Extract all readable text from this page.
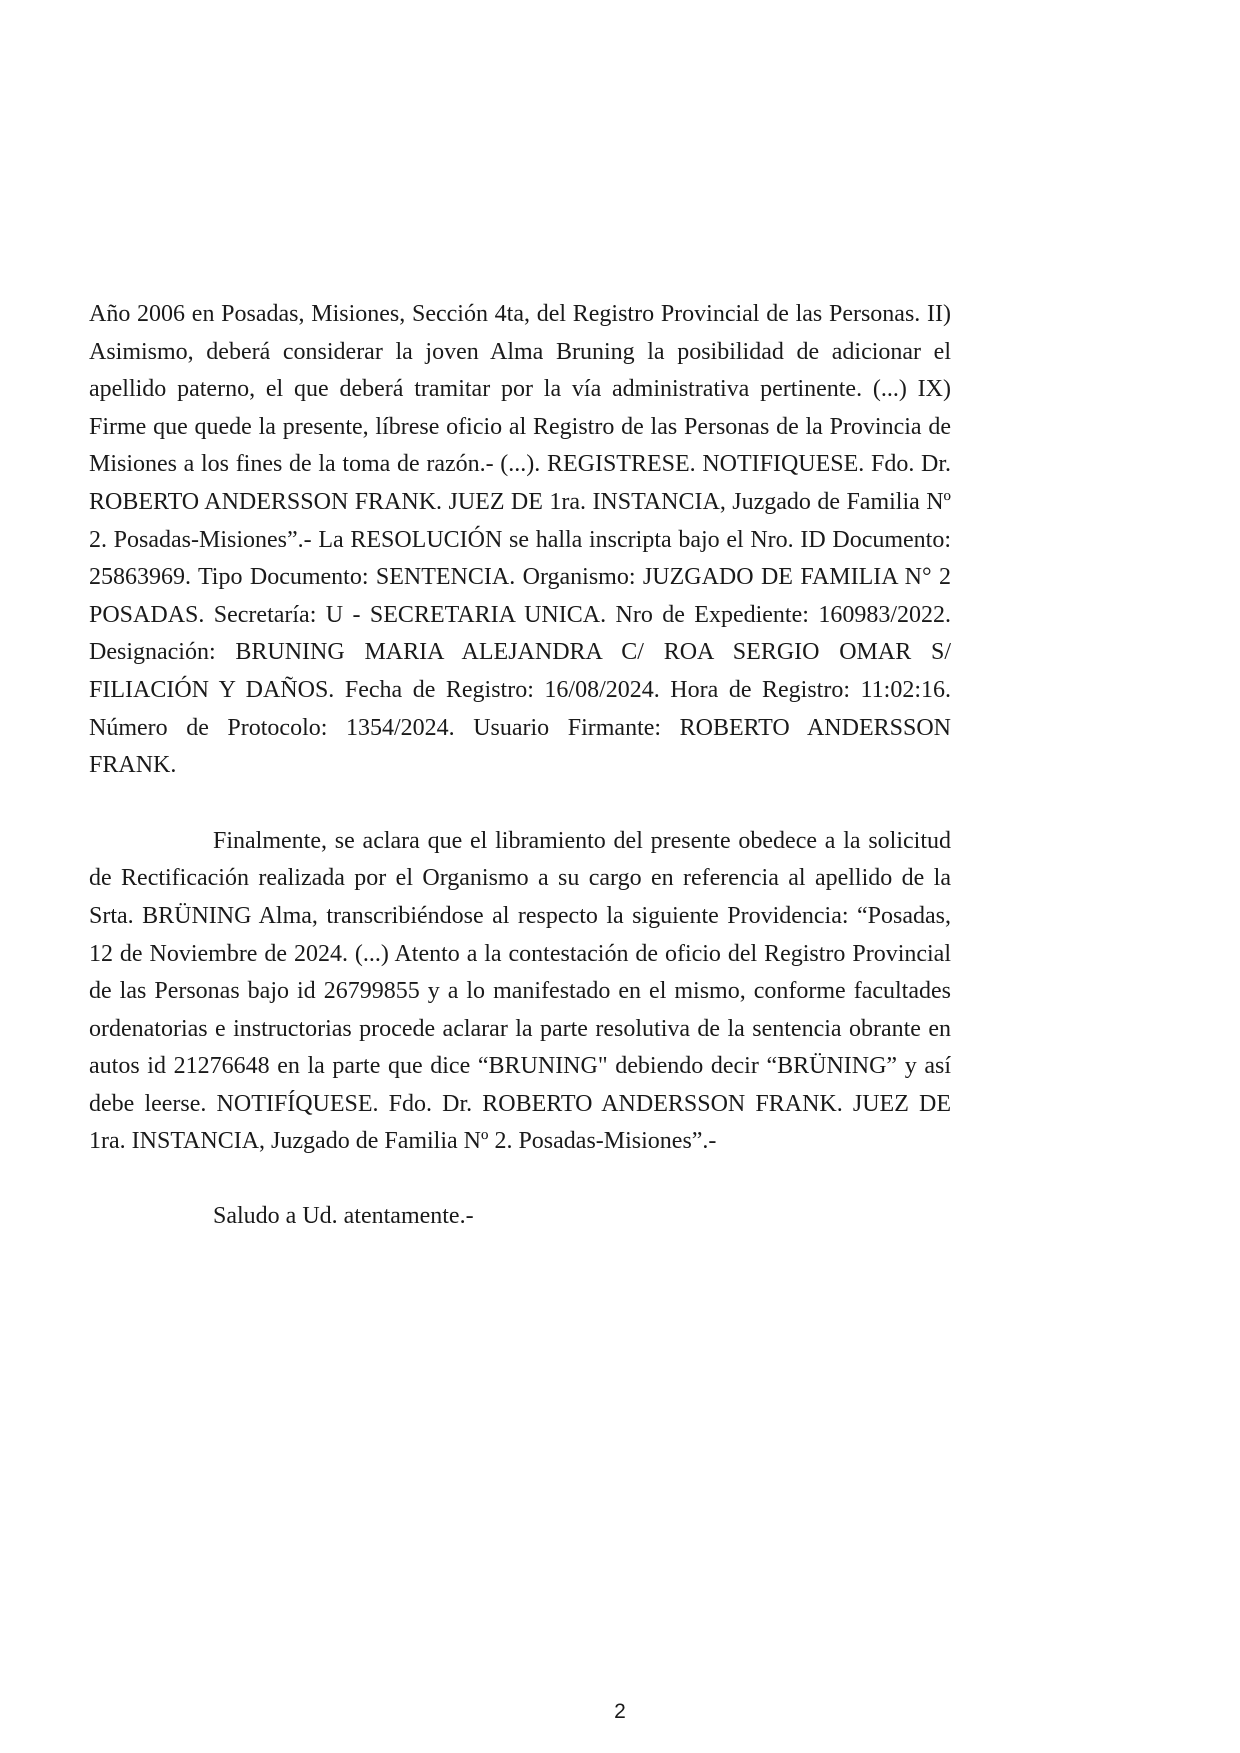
Año 2006 en Posadas, Misiones, Sección 4ta, del Registro Provincial de las Personas. II) Asimismo, deberá considerar la joven Alma Bruning la posibilidad de adicionar el apellido paterno, el que deberá tramitar por la vía administrativa pertinente. (...) IX) Firme que quede la presente, líbrese oficio al Registro de las Personas de la Provincia de Misiones a los fines de la toma de razón.- (...). REGISTRESE. NOTIFIQUESE. Fdo. Dr. ROBERTO ANDERSSON FRANK. JUEZ DE 1ra. INSTANCIA, Juzgado de Familia Nº 2. Posadas-Misiones”.- La RESOLUCIÓN se halla inscripta bajo el Nro. ID Documento: 25863969. Tipo Documento: SENTENCIA. Organismo: JUZGADO DE FAMILIA N° 2 POSADAS. Secretaría: U - SECRETARIA UNICA. Nro de Expediente: 160983/2022. Designación: BRUNING MARIA ALEJANDRA C/ ROA SERGIO OMAR S/ FILIACIÓN Y DAÑOS. Fecha de Registro: 16/08/2024. Hora de Registro: 11:02:16. Número de Protocolo: 1354/2024. Usuario Firmante: ROBERTO ANDERSSON FRANK.

Finalmente, se aclara que el libramiento del presente obedece a la solicitud de Rectificación realizada por el Organismo a su cargo en referencia al apellido de la Srta. BRÜNING Alma, transcribiéndose al respecto la siguiente Providencia: “Posadas, 12 de Noviembre de 2024. (...) Atento a la contestación de oficio del Registro Provincial de las Personas bajo id 26799855 y a lo manifestado en el mismo, conforme facultades ordenatorias e instructorias procede aclarar la parte resolutiva de la sentencia obrante en autos id 21276648 en la parte que dice “BRUNING" debiendo decir “BRÜNING” y así debe leerse. NOTIFÍQUESE. Fdo. Dr. ROBERTO ANDERSSON FRANK. JUEZ DE 1ra. INSTANCIA, Juzgado de Familia Nº 2. Posadas-Misiones”.-

Saludo a Ud. atentamente.-

2
